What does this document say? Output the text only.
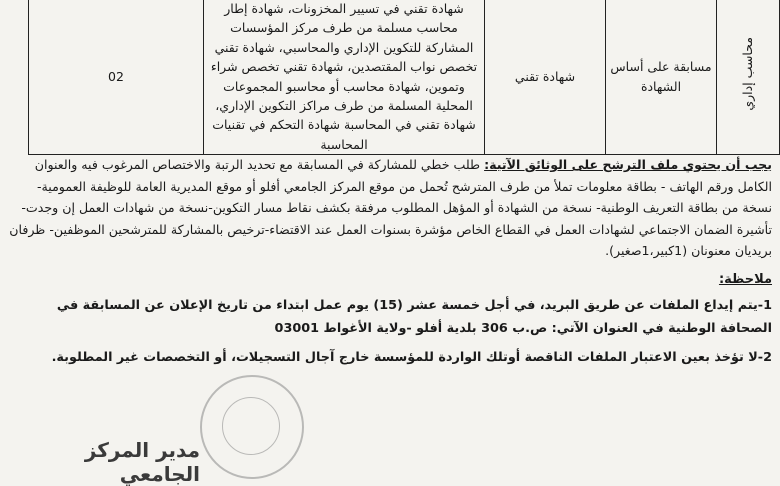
محاسب إداري	مسابقة على أساس الشهادة	شهادة تقني	شهادة تقني في تسيير المخزونات، شهادة إطار محاسب مسلمة من طرف مركز المؤسسات المشاركة للتكوين الإداري والمحاسبي، شهادة تقني تخصص نواب المقتصدين، شهادة تقني تخصص شراء وتموين، شهادة محاسب أو محاسبو المجموعات المحلية المسلمة من طرف مراكز التكوين الإداري، شهادة تقني في المحاسبة شهادة التحكم في تقنيات المحاسبة	02
يجب أن يحتوي ملف الترشح على الوثائق الآتية: طلب خطي للمشاركة في المسابقة مع تحديد الرتبة والاختصاص المرغوب فيه والعنوان الكامل ورقم الهاتف - بطاقة معلومات تملأ من طرف المترشح تُحمل من موقع المركز الجامعي أفلو أو موقع المديرية العامة للوظيفة العمومية- نسخة من بطاقة التعريف الوطنية- نسخة من الشهادة أو المؤهل المطلوب مرفقة بكشف نقاط مسار التكوين-نسخة من شهادات العمل إن وجدت- تأشيرة الضمان الاجتماعي لشهادات العمل في القطاع الخاص مؤشرة بسنوات العمل عند الاقتضاء-ترخيص بالمشاركة للمترشحين الموظفين- ظرفان بريديان معنونان (1كبير،1صغير).
ملاحظة:
1-يتم إيداع الملفات عن طريق البريد، في أجل خمسة عشر (15) يوم عمل ابتداء من تاريخ الإعلان عن المسابقة في الصحافة الوطنية في العنوان الآتي: ص.ب 306 بلدية أفلو -ولاية الأغواط 03001
2-لا تؤخذ بعين الاعتبار الملفات الناقصة أوتلك الواردة للمؤسسة خارج آجال التسجيلات، أو التخصصات غير المطلوبة.
مدير المركز الجامعي
